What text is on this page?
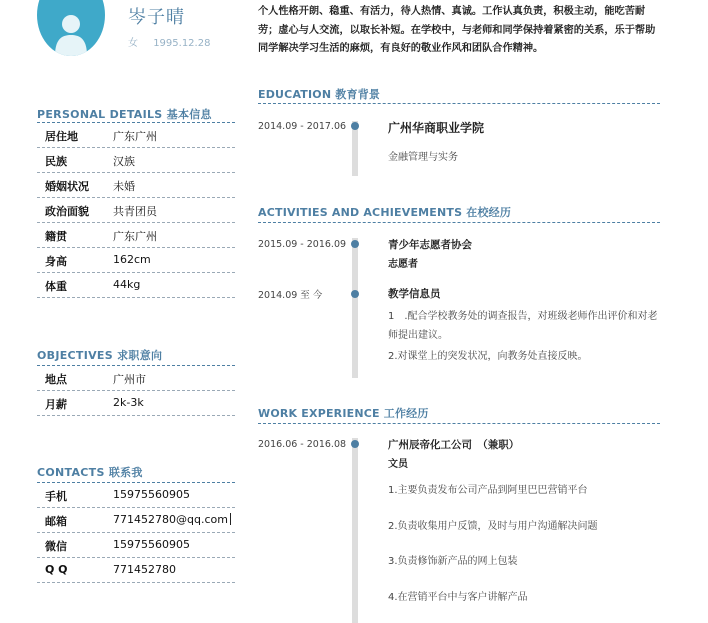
岑子晴
女 1995.12.28
PERSONAL DETAILS 基本信息
居住地	广东广州
民族	汉族
婚姻状况 未婚
政治面貌 共青团员
籍贯	广东广州
身高	162cm
体重	44kg
OBJECTIVES 求职意向
地点	广州市
月薪	2k-3k
CONTACTS 联系我
手机	15975560905
邮箱	771452780@qq.com
微信	15975560905
Q Q	771452780
个人性格开朗、稳重、有活力，待人热情、真诚。工作认真负责，积极主动，能吃苦耐劳；虚心与人交流，以取长补短。在学校中，与老师和同学保持着紧密的关系，乐于帮助同学解决学习生活的麻烦，有良好的敬业作风和团队合作精神。
EDUCATION 教育背景
2014.09 - 2017.06	广州华商职业学院
金融管理与实务
ACTIVITIES AND ACHIEVEMENTS 在校经历
2015.09 - 2016.09	青少年志愿者协会
志愿者
2014.09 至 今	教学信息员
1　.配合学校教务处的调查报告，对班级老师作出评价和对老师提出建议。
2.对课堂上的突发状况，向教务处直接反映。
WORK EXPERIENCE 工作经历
2016.06 - 2016.08	广州辰帝化工公司　（兼职）
文员
1.主要负责发布公司产品到阿里巴巴营销平台
2.负责收集用户反馈，及时与用户沟通解决问题
3.负责修饰新产品的网上包装
4.在营销平台中与客户讲解产品
